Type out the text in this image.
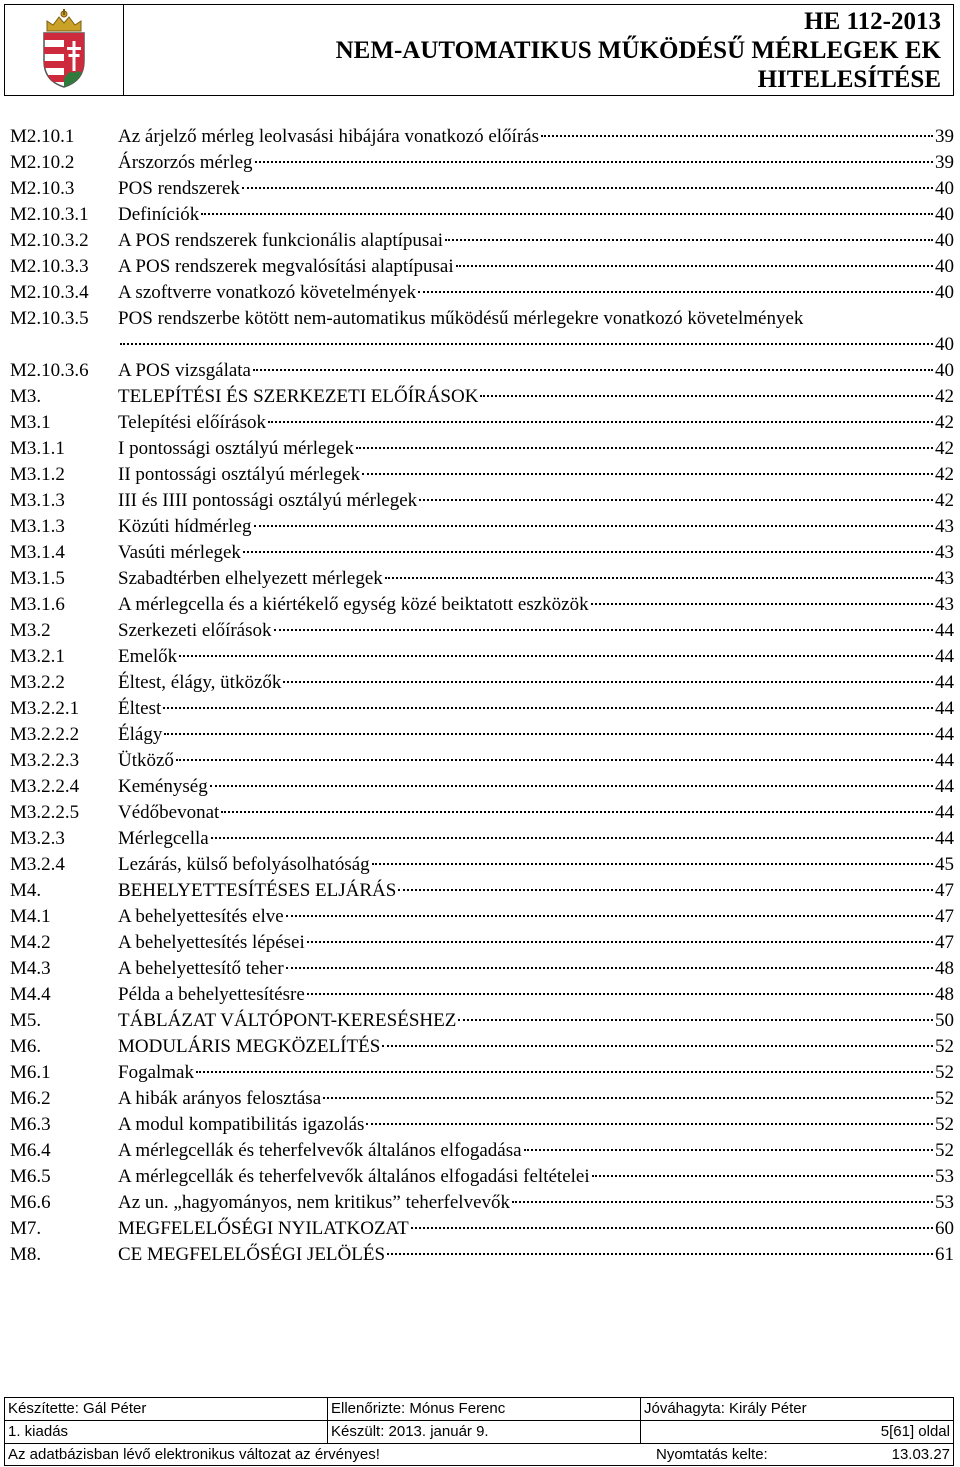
HE 112-2013
NEM-AUTOMATIKUS MŰKÖDÉSŰ MÉRLEGEK EK
HITELESÍTÉSE
M2.10.1 Az árjelző mérleg leolvasási hibájára vonatkozó előírás	39
M2.10.2 Árszorzós mérleg	39
M2.10.3 POS rendszerek	40
M2.10.3.1 Definíciók	40
M2.10.3.2 A POS rendszerek funkcionális alaptípusai	40
M2.10.3.3 A POS rendszerek megvalósítási alaptípusai	40
M2.10.3.4 A szoftverre vonatkozó követelmények	40
M2.10.3.5 POS rendszerbe kötött nem-automatikus működésű mérlegekre vonatkozó követelmények
40
M2.10.3.6 A POS vizsgálata	40
M3.	TELEPÍTÉSI ÉS SZERKEZETI ELŐÍRÁSOK	42
M3.1	Telepítési előírások	42
M3.1.1	I pontossági osztályú mérlegek	42
M3.1.2	II pontossági osztályú mérlegek	42
M3.1.3	III és IIII pontossági osztályú mérlegek	42
M3.1.3	Közúti hídmérleg	43
M3.1.4	Vasúti mérlegek	43
M3.1.5	Szabadtérben elhelyezett mérlegek	43
M3.1.6	A mérlegcella és a kiértékelő egység közé beiktatott eszközök	43
M3.2	Szerkezeti előírások	44
M3.2.1	Emelők	44
M3.2.2	Éltest, élágy, ütközők	44
M3.2.2.1 Éltest	44
M3.2.2.2 Élágy	44
M3.2.2.3 Ütköző	44
M3.2.2.4 Keménység	44
M3.2.2.5 Védőbevonat	44
M3.2.3	Mérlegcella	44
M3.2.4	Lezárás, külső befolyásolhatóság	45
M4.	BEHELYETTESÍTÉSES ELJÁRÁS	47
M4.1	A behelyettesítés elve	47
M4.2	A behelyettesítés lépései	47
M4.3	A behelyettesítő teher	48
M4.4	Példa a behelyettesítésre	48
M5.	TÁBLÁZAT VÁLTÓPONT-KERESÉSHEZ	50
M6.	MODULÁRIS MEGKÖZELÍTÉS	52
M6.1	Fogalmak	52
M6.2	A hibák arányos felosztása	52
M6.3	A modul kompatibilitás igazolás	52
M6.4	A mérlegcellák és teherfelvevők általános elfogadása	52
M6.5	A mérlegcellák és teherfelvevők általános elfogadási feltételei	53
M6.6	Az un. „hagyományos, nem kritikus” teherfelvevők	53
M7.	MEGFELELŐSÉGI NYILATKOZAT	60
M8.	CE MEGFELELŐSÉGI JELÖLÉS	61
Készítette: Gál Péter	Ellenőrizte: Mónus Ferenc	Jóváhagyta: Király Péter
1. kiadás	Készült: 2013. január 9.	5[61] oldal
Az adatbázisban lévő elektronikus változat az érvényes!	Nyomtatás kelte:	13.03.27
